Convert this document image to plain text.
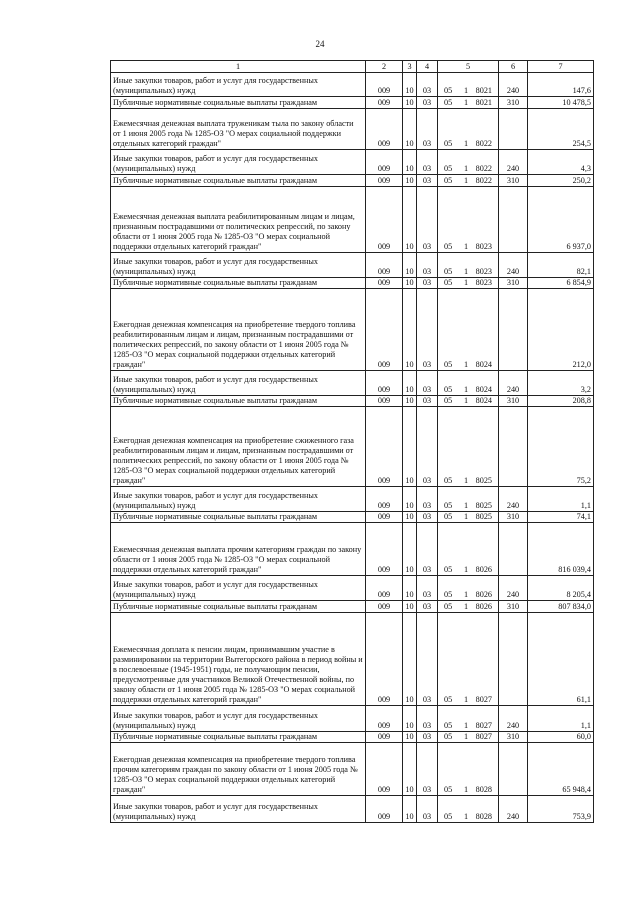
24
1	2	3	4	5	6	7
Иные закупки товаров, работ и услуг для государственных (муниципальных) нужд	009	10	03	05 1 8021	240	147,6
Публичные нормативные социальные выплаты гражданам	009	10	03	05 1 8021	310	10 478,5
Ежемесячная денежная выплата труженикам тыла по закону области от 1 июня 2005 года № 1285-ОЗ "О мерах социальной поддержки отдельных категорий граждан"	009	10	03	05 1 8022		254,5
Иные закупки товаров, работ и услуг для государственных (муниципальных) нужд	009	10	03	05 1 8022	240	4,3
Публичные нормативные социальные выплаты гражданам	009	10	03	05 1 8022	310	250,2
Ежемесячная денежная выплата реабилитированным лицам и лицам, признанным пострадавшими от политических репрессий, по закону области от 1 июня 2005 года № 1285-ОЗ "О мерах социальной поддержки отдельных категорий граждан"	009	10	03	05 1 8023		6 937,0
Иные закупки товаров, работ и услуг для государственных (муниципальных) нужд	009	10	03	05 1 8023	240	82,1
Публичные нормативные социальные выплаты гражданам	009	10	03	05 1 8023	310	6 854,9
Ежегодная денежная компенсация на приобретение твердого топлива реабилитированным лицам и лицам, признанным пострадавшими от политических репрессий, по закону области от 1 июня 2005 года № 1285-ОЗ "О мерах социальной поддержки отдельных категорий граждан"	009	10	03	05 1 8024		212,0
Иные закупки товаров, работ и услуг для государственных (муниципальных) нужд	009	10	03	05 1 8024	240	3,2
Публичные нормативные социальные выплаты гражданам	009	10	03	05 1 8024	310	208,8
Ежегодная денежная компенсация на приобретение сжиженного газа реабилитированным лицам и лицам, признанным пострадавшими от политических репрессий, по закону области от 1 июня 2005 года № 1285-ОЗ "О мерах социальной поддержки отдельных категорий граждан"	009	10	03	05 1 8025		75,2
Иные закупки товаров, работ и услуг для государственных (муниципальных) нужд	009	10	03	05 1 8025	240	1,1
Публичные нормативные социальные выплаты гражданам	009	10	03	05 1 8025	310	74,1
Ежемесячная денежная выплата прочим категориям граждан по закону области от 1 июня 2005 года № 1285-ОЗ "О мерах социальной поддержки отдельных категорий граждан"	009	10	03	05 1 8026		816 039,4
Иные закупки товаров, работ и услуг для государственных (муниципальных) нужд	009	10	03	05 1 8026	240	8 205,4
Публичные нормативные социальные выплаты гражданам	009	10	03	05 1 8026	310	807 834,0
Ежемесячная доплата к пенсии лицам, принимавшим участие в разминировании на территории Вытегорского района в период войны и в послевоенные (1945-1951) годы, не получающим пенсии, предусмотренные для участников Великой Отечественной войны, по закону области от 1 июня 2005 года № 1285-ОЗ "О мерах социальной поддержки отдельных категорий граждан"	009	10	03	05 1 8027		61,1
Иные закупки товаров, работ и услуг для государственных (муниципальных) нужд	009	10	03	05 1 8027	240	1,1
Публичные нормативные социальные выплаты гражданам	009	10	03	05 1 8027	310	60,0
Ежегодная денежная компенсация на приобретение твердого топлива прочим категориям граждан по закону области от 1 июня 2005 года № 1285-ОЗ "О мерах социальной поддержки отдельных категорий граждан"	009	10	03	05 1 8028		65 948,4
Иные закупки товаров, работ и услуг для государственных (муниципальных) нужд	009	10	03	05 1 8028	240	753,9
